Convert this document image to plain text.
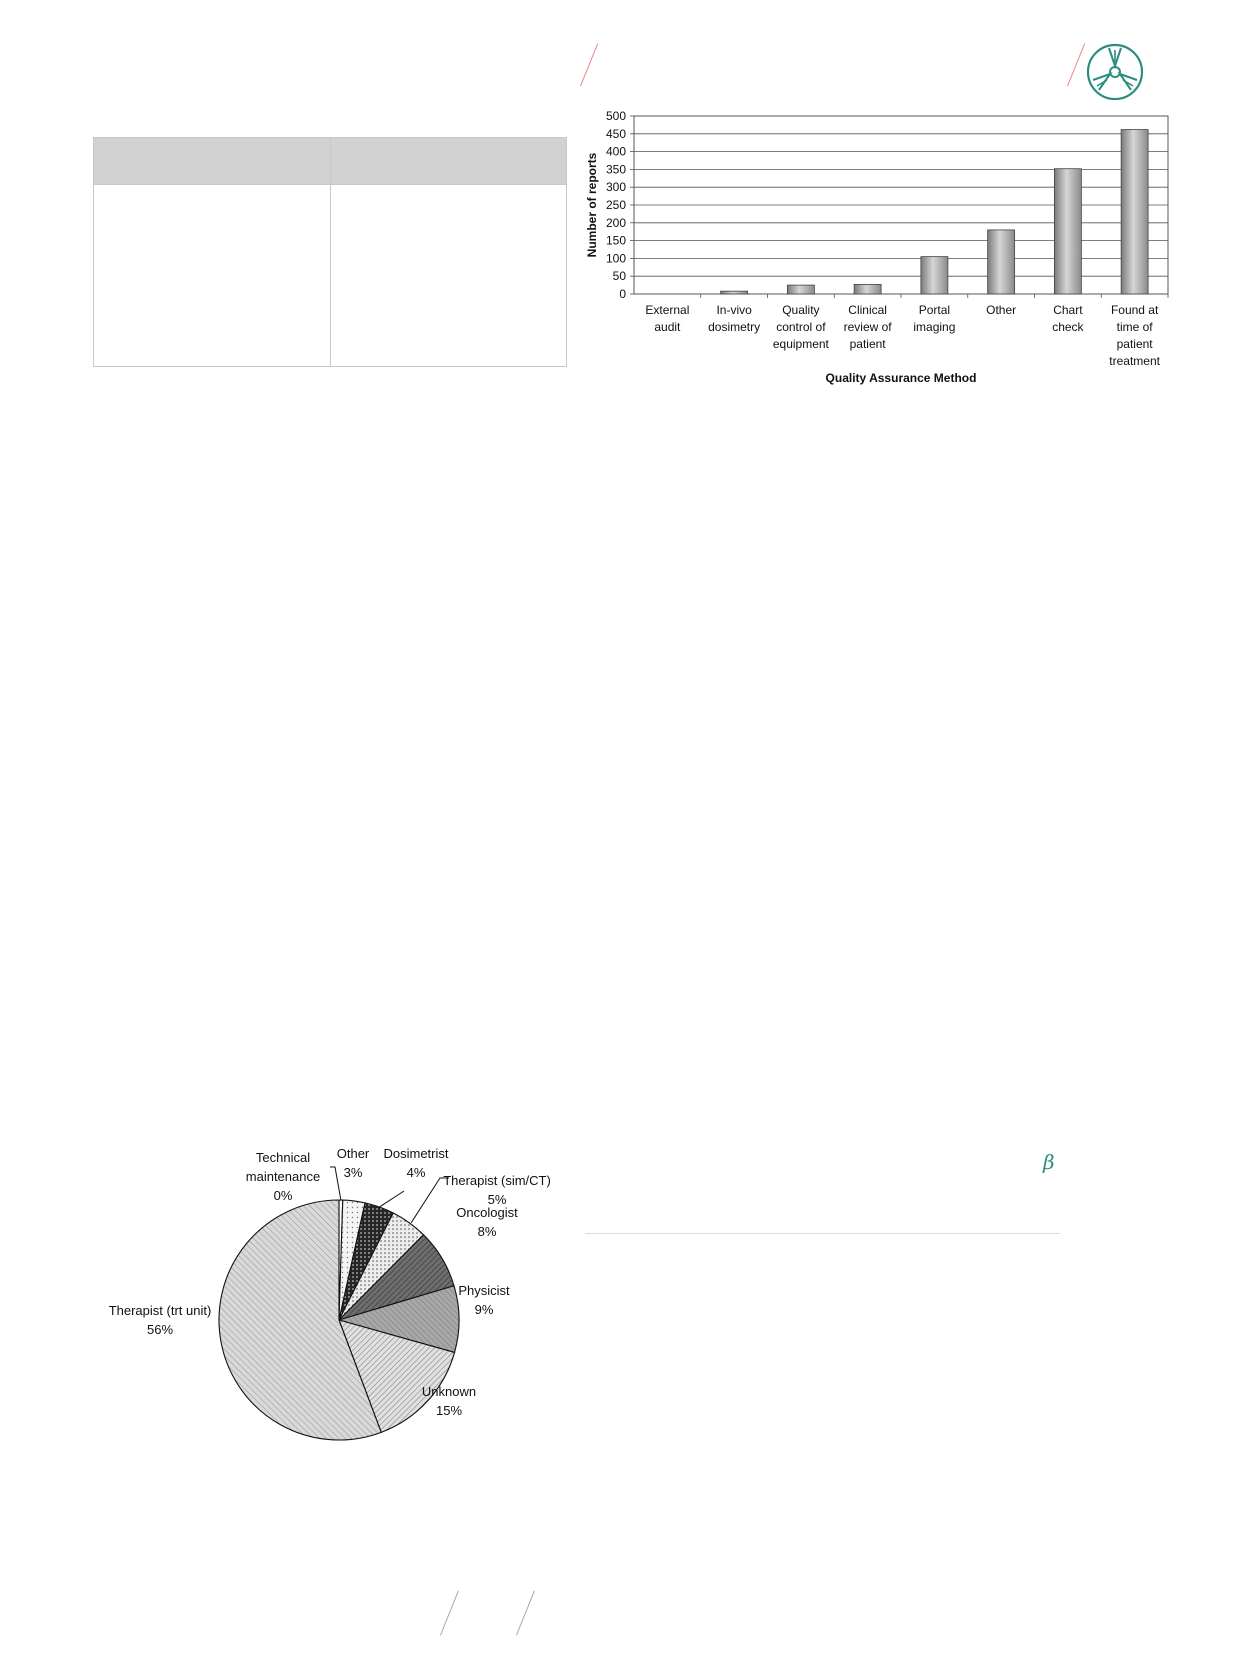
0
50
100
150
200
250
300
350
400
450
500
External
audit
In-vivo
dosimetry
Quality
control of
equipment
Clinical
review of
patient
Portal
imaging
Other	Chart
check
Found at
time of
patient
treatment
Quality Assurance Method
Number of reports
Technical
maintenance
0%
Other
3%
Dosimetrist
4%
Therapist (sim/CT)
5%
Oncologist
8%
Physicist
9%
Unknown
15%
Therapist (trt unit)
56%
β
